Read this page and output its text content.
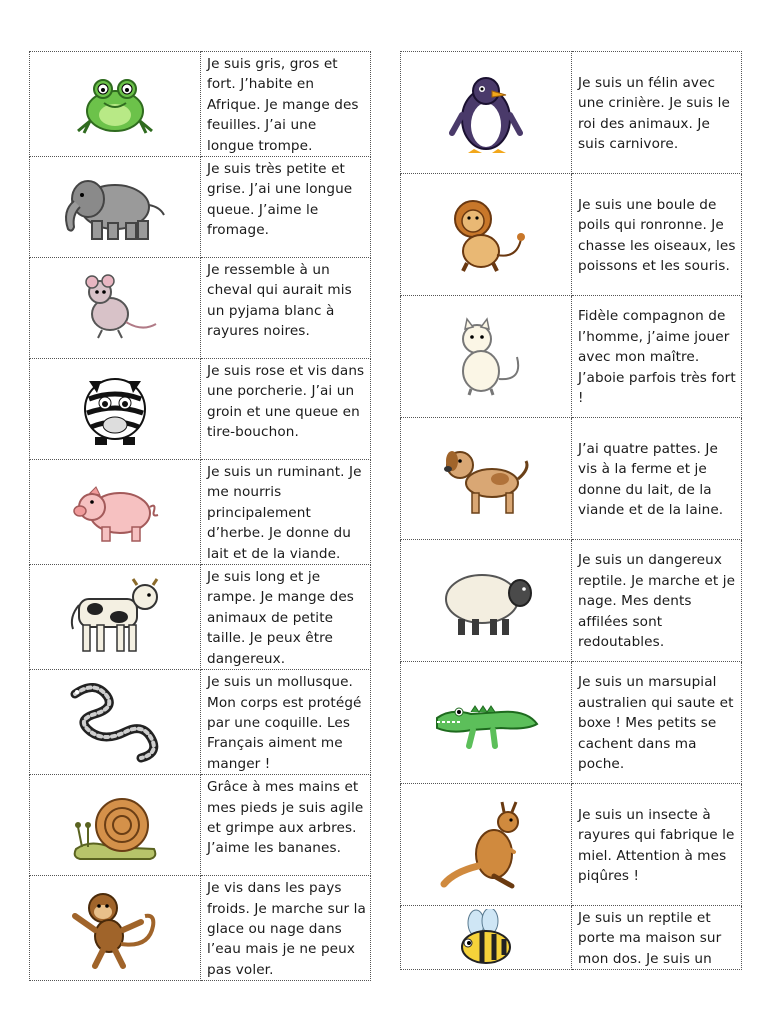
	Je suis gris, gros et fort. J’habite en Afrique. Je mange des feuilles. J’ai une longue trompe.

	Je suis très petite et grise. J’ai une longue queue. J’aime le fromage.

	Je ressemble à un cheval qui aurait mis un pyjama blanc à rayures noires.

	Je suis rose et vis dans une porcherie. J’ai un groin et une queue en tire-bouchon.

	Je suis un ruminant. Je me nourris principalement d’herbe. Je donne du lait et de la viande.

	Je suis long et je rampe. Je mange des animaux de petite taille. Je peux être dangereux.

	Je suis un mollusque. Mon corps est protégé par une coquille. Les Français aiment me manger !

	Grâce à mes mains et mes pieds je suis agile et grimpe aux arbres. J’aime les bananes.

	Je vis dans les pays froids. Je marche sur la glace ou nage dans l’eau mais je ne peux pas voler.
	Je suis un félin avec une crinière. Je suis le roi des animaux. Je suis carnivore.

	Je suis une boule de poils qui ronronne. Je chasse les oiseaux, les poissons et les souris.

	Fidèle compagnon de l’homme, j’aime jouer avec mon maître. J’aboie parfois très fort !

	J’ai quatre pattes. Je vis à la ferme et je donne du lait, de la viande et de la laine.

	Je suis un dangereux reptile. Je marche et je nage. Mes dents affilées sont redoutables.

	Je suis un marsupial australien qui saute et boxe ! Mes petits se cachent dans ma poche.

	Je suis un insecte à rayures qui fabrique le miel. Attention à mes piqûres !

	Je suis un reptile et porte ma maison sur mon dos. Je suis un
